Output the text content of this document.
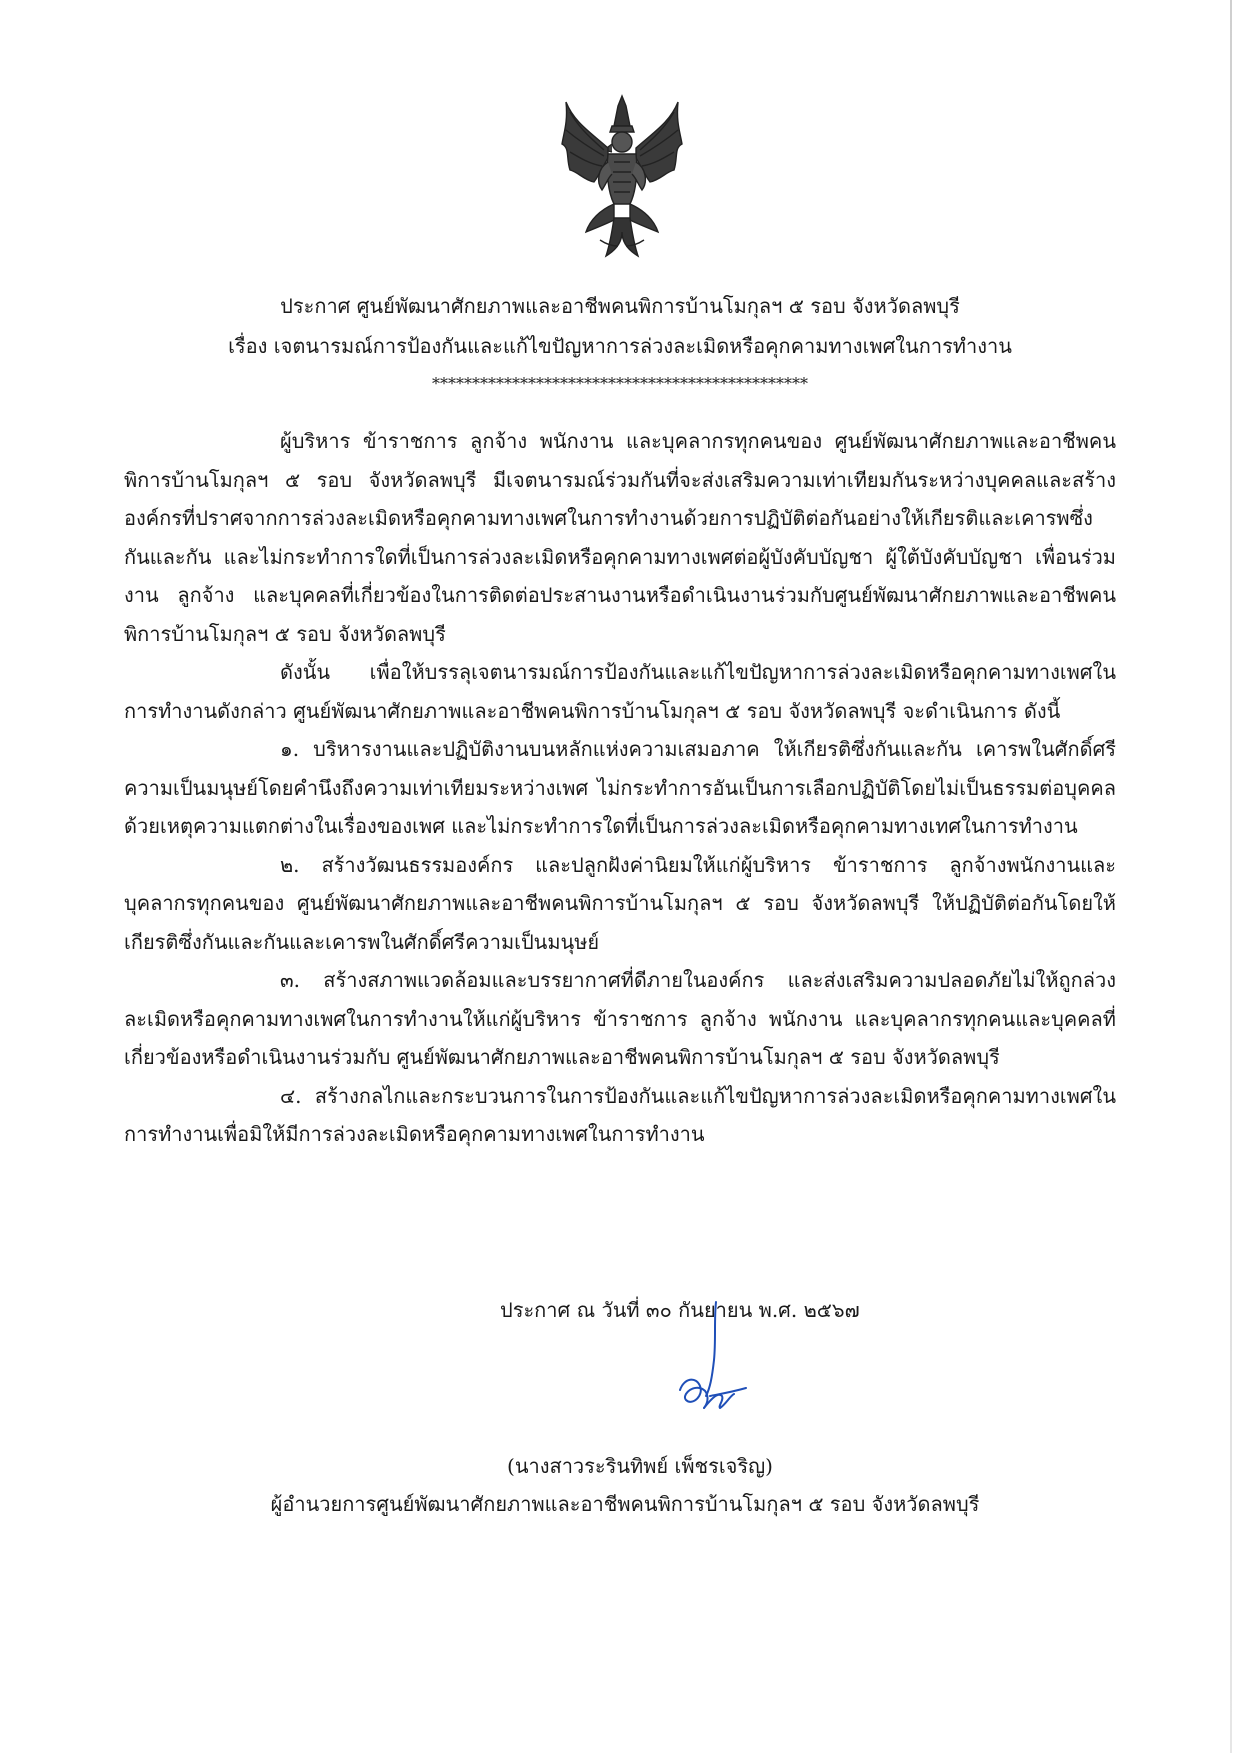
ประกาศ ศูนย์พัฒนาศักยภาพและอาชีพคนพิการบ้านโมกุลฯ ๕ รอบ จังหวัดลพบุรี
เรื่อง เจตนารมณ์การป้องกันและแก้ไขปัญหาการล่วงละเมิดหรือคุกคามทางเพศในการทำงาน
***********************************************

ผู้บริหาร ข้าราชการ ลูกจ้าง พนักงาน และบุคลากรทุกคนของ ศูนย์พัฒนาศักยภาพและอาชีพคนพิการบ้านโมกุลฯ ๕ รอบ จังหวัดลพบุรี มีเจตนารมณ์ร่วมกันที่จะส่งเสริมความเท่าเทียมกันระหว่างบุคคลและสร้างองค์กรที่ปราศจากการล่วงละเมิดหรือคุกคามทางเพศในการทำงานด้วยการปฏิบัติต่อกันอย่างให้เกียรติและเคารพซึ่งกันและกัน และไม่กระทำการใดที่เป็นการล่วงละเมิดหรือคุกคามทางเพศต่อผู้บังคับบัญชา ผู้ใต้บังคับบัญชา เพื่อนร่วมงาน ลูกจ้าง และบุคคลที่เกี่ยวข้องในการติดต่อประสานงานหรือดำเนินงานร่วมกับศูนย์พัฒนาศักยภาพและอาชีพคนพิการบ้านโมกุลฯ ๕ รอบ จังหวัดลพบุรี

ดังนั้น เพื่อให้บรรลุเจตนารมณ์การป้องกันและแก้ไขปัญหาการล่วงละเมิดหรือคุกคามทางเพศในการทำงานดังกล่าว ศูนย์พัฒนาศักยภาพและอาชีพคนพิการบ้านโมกุลฯ ๕ รอบ จังหวัดลพบุรี จะดำเนินการ ดังนี้

๑. บริหารงานและปฏิบัติงานบนหลักแห่งความเสมอภาค ให้เกียรติซึ่งกันและกัน เคารพในศักดิ์ศรีความเป็นมนุษย์โดยคำนึงถึงความเท่าเทียมระหว่างเพศ ไม่กระทำการอันเป็นการเลือกปฏิบัติโดยไม่เป็นธรรมต่อบุคคลด้วยเหตุความแตกต่างในเรื่องของเพศ และไม่กระทำการใดที่เป็นการล่วงละเมิดหรือคุกคามทางเทศในการทำงาน

๒. สร้างวัฒนธรรมองค์กร และปลูกฝังค่านิยมให้แก่ผู้บริหาร ข้าราชการ ลูกจ้างพนักงานและบุคลากรทุกคนของ ศูนย์พัฒนาศักยภาพและอาชีพคนพิการบ้านโมกุลฯ ๕ รอบ จังหวัดลพบุรี ให้ปฏิบัติต่อกันโดยให้เกียรติซึ่งกันและกันและเคารพในศักดิ์ศรีความเป็นมนุษย์

๓. สร้างสภาพแวดล้อมและบรรยากาศที่ดีภายในองค์กร และส่งเสริมความปลอดภัยไม่ให้ถูกล่วงละเมิดหรือคุกคามทางเพศในการทำงานให้แก่ผู้บริหาร ข้าราชการ ลูกจ้าง พนักงาน และบุคลากรทุกคนและบุคคลที่เกี่ยวข้องหรือดำเนินงานร่วมกับ ศูนย์พัฒนาศักยภาพและอาชีพคนพิการบ้านโมกุลฯ ๕ รอบ จังหวัดลพบุรี

๔. สร้างกลไกและกระบวนการในการป้องกันและแก้ไขปัญหาการล่วงละเมิดหรือคุกคามทางเพศในการทำงานเพื่อมิให้มีการล่วงละเมิดหรือคุกคามทางเพศในการทำงาน

ประกาศ ณ วันที่ ๓๐ กันยายน พ.ศ. ๒๕๖๗
(นางสาวระรินทิพย์ เพ็ชรเจริญ)
ผู้อำนวยการศูนย์พัฒนาศักยภาพและอาชีพคนพิการบ้านโมกุลฯ ๕ รอบ จังหวัดลพบุรี
